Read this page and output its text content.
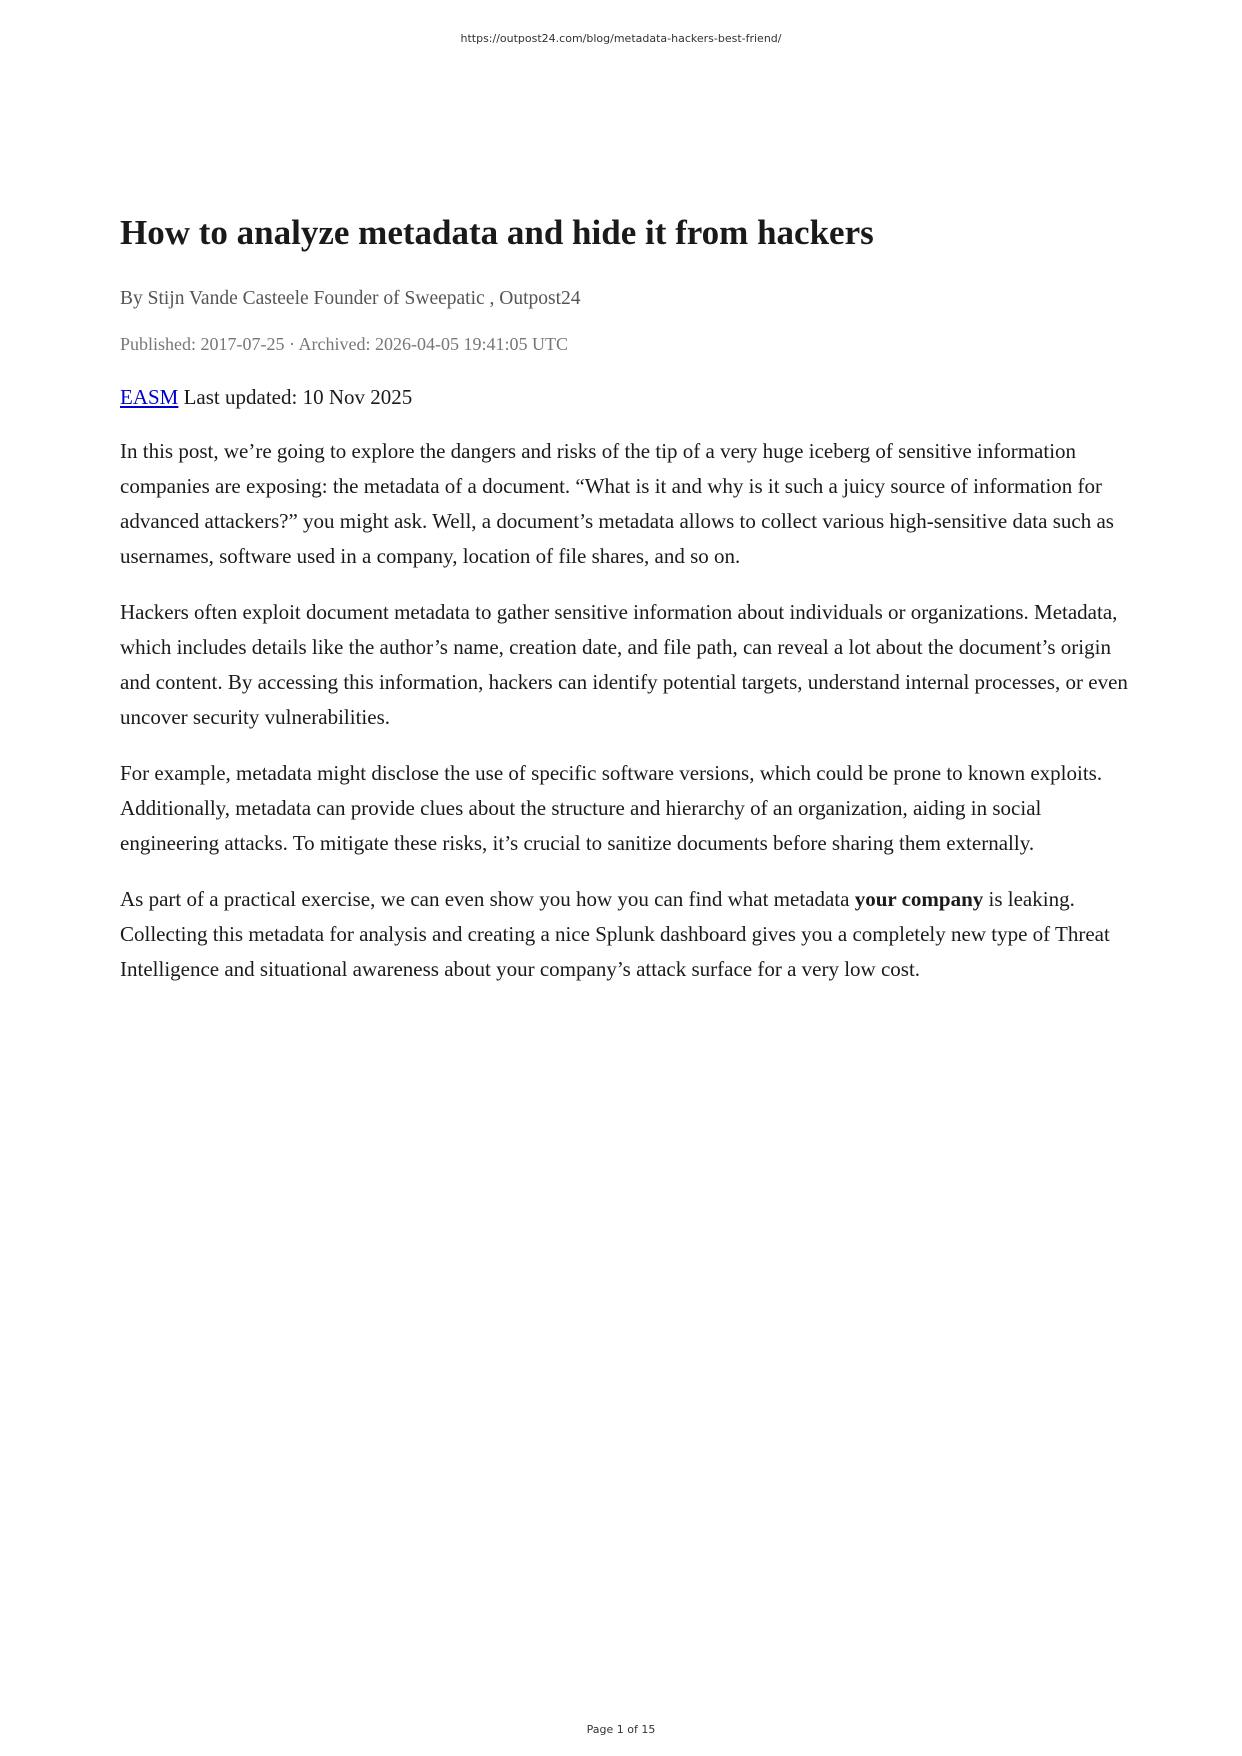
https://outpost24.com/blog/metadata-hackers-best-friend/
How to analyze metadata and hide it from hackers

By Stijn Vande Casteele Founder of Sweepatic , Outpost24

Published: 2017-07-25 · Archived: 2026-04-05 19:41:05 UTC

EASM Last updated: 10 Nov 2025

In this post, we’re going to explore the dangers and risks of the tip of a very huge iceberg of sensitive information companies are exposing: the metadata of a document. “What is it and why is it such a juicy source of information for advanced attackers?” you might ask. Well, a document’s metadata allows to collect various high-sensitive data such as usernames, software used in a company, location of file shares, and so on.

Hackers often exploit document metadata to gather sensitive information about individuals or organizations. Metadata, which includes details like the author’s name, creation date, and file path, can reveal a lot about the document’s origin and content. By accessing this information, hackers can identify potential targets, understand internal processes, or even uncover security vulnerabilities.

For example, metadata might disclose the use of specific software versions, which could be prone to known exploits. Additionally, metadata can provide clues about the structure and hierarchy of an organization, aiding in social engineering attacks. To mitigate these risks, it’s crucial to sanitize documents before sharing them externally.

As part of a practical exercise, we can even show you how you can find what metadata your company is leaking. Collecting this metadata for analysis and creating a nice Splunk dashboard gives you a completely new type of Threat Intelligence and situational awareness about your company’s attack surface for a very low cost.

Page 1 of 15
